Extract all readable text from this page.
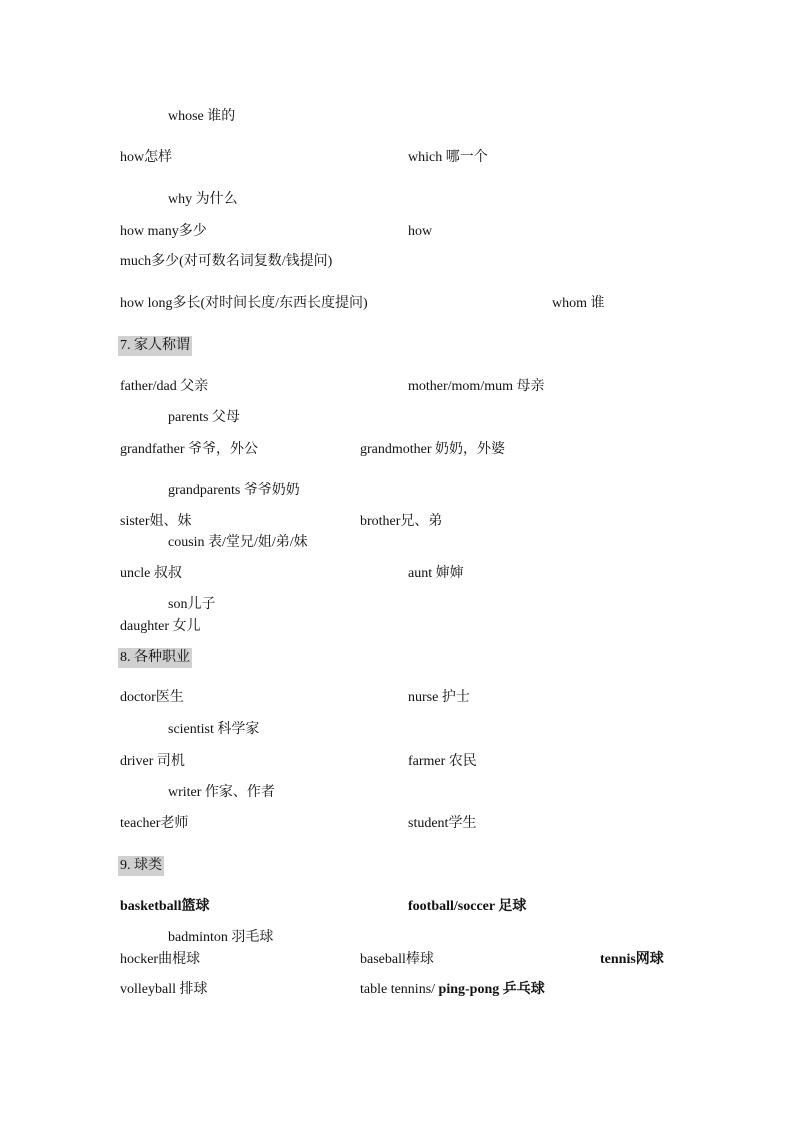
whose 谁的
how怎样	which 哪一个
why 为什么
how many多少	how
much多少(对可数名词复数/钱提问)
how long多长(对时间长度/东西长度提问)	whom 谁
7. 家人称谓
father/dad 父亲	mother/mom/mum 母亲
parents 父母
grandfather 爷爷，外公	grandmother 奶奶，外婆
grandparents 爷爷奶奶
sister姐、妹	brother兄、弟
cousin 表/堂兄/姐/弟/妹
uncle 叔叔	aunt 婶婶
son儿子
daughter 女儿
8. 各种职业
doctor医生	nurse 护士
scientist 科学家
driver 司机	farmer 农民
writer 作家、作者
teacher老师	student学生
9. 球类
basketball篮球	football/soccer 足球
badminton 羽毛球
hocker曲棍球	baseball棒球	tennis网球
volleyball 排球	table tennins/ ping-pong 乒乓球
